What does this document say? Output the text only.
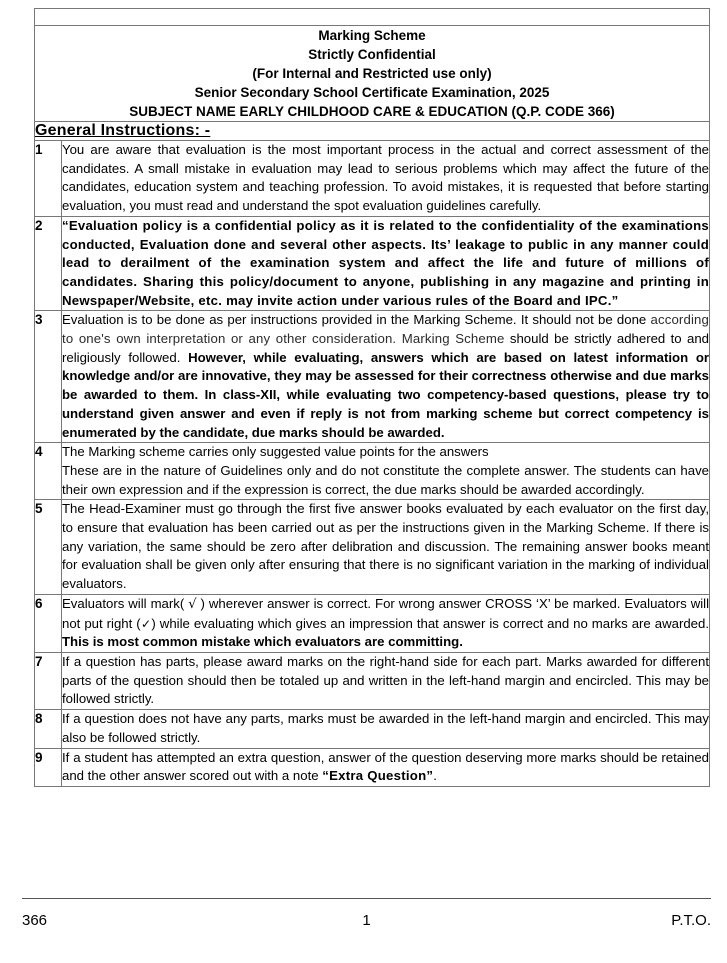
Marking Scheme
Strictly Confidential
(For Internal and Restricted use only)
Senior Secondary School Certificate Examination, 2025
SUBJECT NAME EARLY CHILDHOOD CARE & EDUCATION (Q.P. CODE 366)	

General Instructions: -	
1	You are aware that evaluation is the most important process in the actual and correct assessment of the candidates. A small mistake in evaluation may lead to serious problems which may affect the future of the candidates, education system and teaching profession. To avoid mistakes, it is requested that before starting evaluation, you must read and understand the spot evaluation guidelines carefully.

2	“Evaluation policy is a confidential policy as it is related to the confidentiality of the examinations conducted, Evaluation done and several other aspects. Its’ leakage to public in any manner could lead to derailment of the examination system and affect the life and future of millions of candidates. Sharing this policy/document to anyone, publishing in any magazine and printing in Newspaper/Website, etc. may invite action under various rules of the Board and IPC.”

3	Evaluation is to be done as per instructions provided in the Marking Scheme. It should not be done according to one's own interpretation or any other consideration. Marking Scheme should be strictly adhered to and religiously followed. However, while evaluating, answers which are based on latest information or knowledge and/or are innovative, they may be assessed for their correctness otherwise and due marks be awarded to them. In class-XII, while evaluating two competency-based questions, please try to understand given answer and even if reply is not from marking scheme but correct competency is enumerated by the candidate, due marks should be awarded.

4	The Marking scheme carries only suggested value points for the answers

These are in the nature of Guidelines only and do not constitute the complete answer. The students can have their own expression and if the expression is correct, the due marks should be awarded accordingly.

5	The Head-Examiner must go through the first five answer books evaluated by each evaluator on the first day, to ensure that evaluation has been carried out as per the instructions given in the Marking Scheme. If there is any variation, the same should be zero after delibration and discussion. The remaining answer books meant for evaluation shall be given only after ensuring that there is no significant variation in the marking of individual evaluators.

6	Evaluators will mark( √ ) wherever answer is correct. For wrong answer CROSS ‘X’ be marked. Evaluators will not put right (✓) while evaluating which gives an impression that answer is correct and no marks are awarded. This is most common mistake which evaluators are committing.

7	If a question has parts, please award marks on the right-hand side for each part. Marks awarded for different parts of the question should then be totaled up and written in the left-hand margin and encircled. This may be followed strictly.

8	If a question does not have any parts, marks must be awarded in the left-hand margin and encircled. This may also be followed strictly.

9	If a student has attempted an extra question, answer of the question deserving more marks should be retained and the other answer scored out with a note “Extra Question”.

366	1	P.T.O.
